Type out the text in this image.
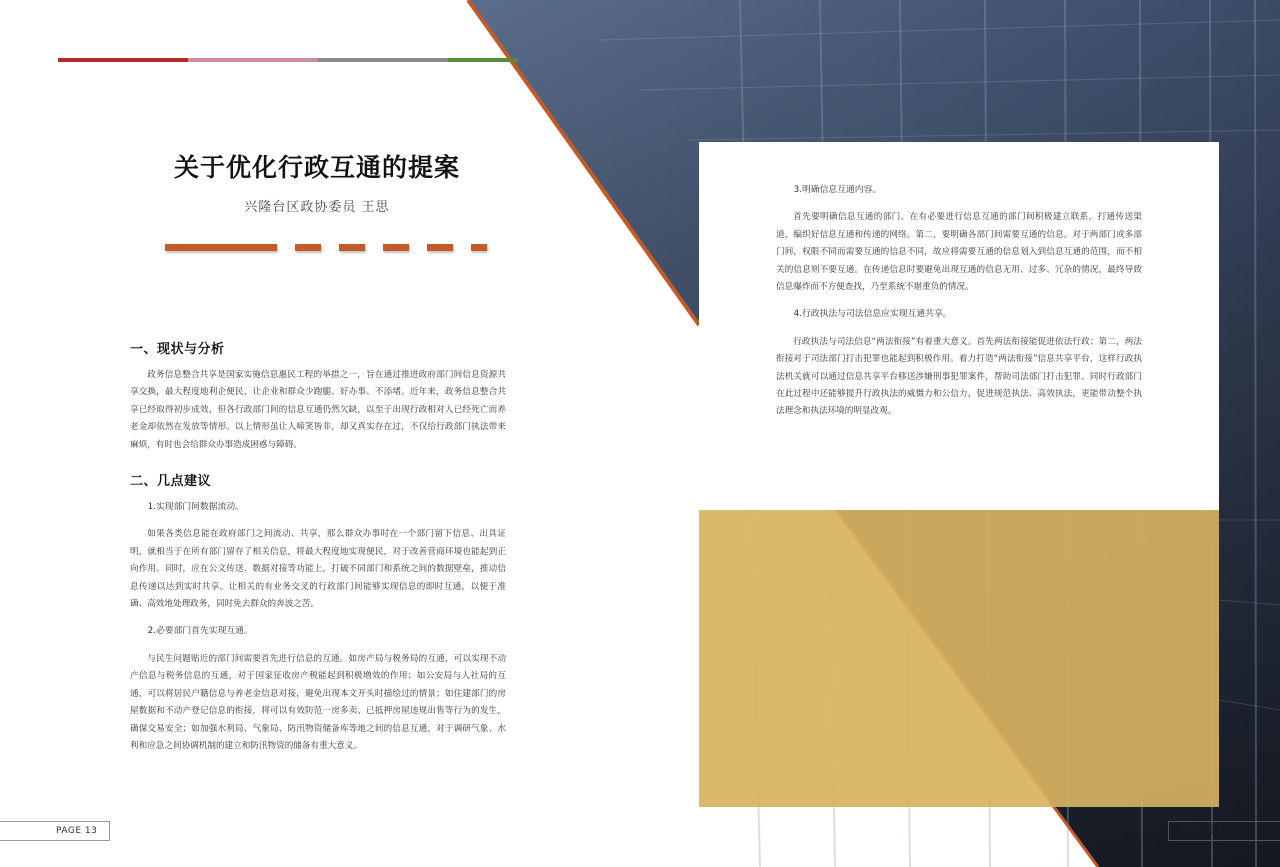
关于优化行政互通的提案
兴隆台区政协委员 王思
一、现状与分析

政务信息整合共享是国家实施信息惠民工程的举措之一，旨在通过推进政府部门间信息资源共享交换，最大程度地利企便民，让企业和群众少跑腿、好办事、不添堵。近年来，政务信息整合共享已经取得初步成效，但各行政部门间的信息互通仍然欠缺，以至于出现行政相对人已经死亡而养老金却依然在发放等情形。以上情形虽让人啼笑皆非，却又真实存在过，不仅给行政部门执法带来麻烦，有时也会给群众办事造成困惑与障碍。

二、几点建议
1.实现部门间数据流动。

如果各类信息能在政府部门之间流动、共享，那么群众办事时在一个部门留下信息、出具证明，就相当于在所有部门留存了相关信息，将最大程度地实现便民，对于改善营商环境也能起到正向作用。同时，应在公文传送、数据对接等功能上，打破不同部门和系统之间的数据壁垒，推动信息传递以达到实时共享。让相关的有业务交叉的行政部门间能够实现信息的即时互通，以便于准确、高效地处理政务，同时免去群众的奔波之苦。

2.必要部门首先实现互通。

与民生问题贴近的部门间需要首先进行信息的互通。如房产局与税务局的互通，可以实现不动产信息与税务信息的互通，对于国家征收房产税能起到积极増效的作用；如公安局与人社局的互通，可以将居民户籍信息与养老金信息对接，避免出现本文开头时描绘过的情景；如住建部门的房屋数据和不动产登记信息的衔接，将可以有效防范一房多卖、已抵押房屋违规出售等行为的发生，确保交易安全；如加强水利局、气象局、防汛物资储备库等地之间的信息互通，对于调研气象、水利和应急之间协调机制的建立和防汛物资的储备有重大意义。

3.明确信息互通内容。

首先要明确信息互通的部门。在有必要进行信息互通的部门间积极建立联系，打通传送渠道，编织好信息互通和传递的网络。第二，要明确各部门间需要互通的信息。对于两部门或多部门间，权限不同而需要互通的信息不同，故应将需要互通的信息划入到信息互通的范围，而不相关的信息则不要互通。在传递信息时要避免出现互通的信息无用、过多、冗杂的情况，最终导致信息爆炸而不方便查找，乃至系统不堪重负的情况。

4.行政执法与司法信息应实现互通共享。

行政执法与司法信息“两法衔接”有着重大意义。首先两法衔接能促进依法行政；第二，两法衔接对于司法部门打击犯罪也能起到积极作用。着力打造“两法衔接”信息共享平台，这样行政执法机关就可以通过信息共享平台移送涉嫌刑事犯罪案件，帮助司法部门打击犯罪。同时行政部门在此过程中还能够提升行政执法的威慑力和公信力，促进规范执法、高效执法，更能带动整个执法理念和执法环境的明显改观。

PAGE 13	PAGE 14
